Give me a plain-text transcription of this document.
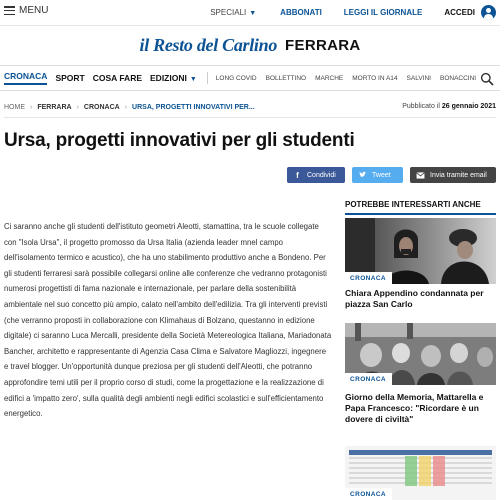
MENU	SPECIALI ▼	ABBONATI	LEGGI IL GIORNALE	ACCEDI
il Resto del Carlino FERRARA
CRONACA SPORT COSA FARE EDIZIONI ▼	LONG COVID BOLLETTINO MARCHE MORTO IN A14 SALVINI BONACCINI
HOME › FERRARA › CRONACA › URSA, PROGETTI INNOVATIVI PER...	Pubblicato il 26 gennaio 2021
Ursa, progetti innovativi per gli studenti
f	Condividi	Tweet	Invia tramite email

Ci saranno anche gli studenti dell'istituto geometri Aleotti, stamattina, tra le scuole collegate con "Isola Ursa", il progetto promosso da Ursa Italia (azienda leader mnel campo dell'isolamento termico e acustico), che ha uno stabilimento produttivo anche a Bondeno. Per gli studenti ferraresi sarà possibile collegarsi online alle conferenze che vedranno protagonisti numerosi progettisti di fama nazionale e internazionale, per parlare della sostenibilità ambientale nel suo concetto più ampio, calato nell'ambito dell'edilizia. Tra gli interventi previsti (che verranno proposti in collaborazione con Klimahaus di Bolzano, questanno in edizione digitale) ci saranno Luca Mercalli, presidente della Società Metereologica Italiana, Mariadonata Bancher, architetto e rappresentante di Agenzia Casa Clima e Salvatore Magliozzi, ingegnere e travel blogger. Un'opportunità dunque preziosa per gli studenti dell'Aleotti, che potranno approfondire temi utili per il proprio corso di studi, come la progettazione e la realizzazione di edifici a 'impatto zero', sulla qualità degli ambienti negli edifici scolastici e sull'efficientamento energetico.

POTREBBE INTERESSARTI ANCHE
CRONACA
Chiara Appendino condannata per piazza San Carlo
CRONACA
Giorno della Memoria, Mattarella e Papa Francesco: "Ricordare è un dovere di civiltà"
CRONACA
